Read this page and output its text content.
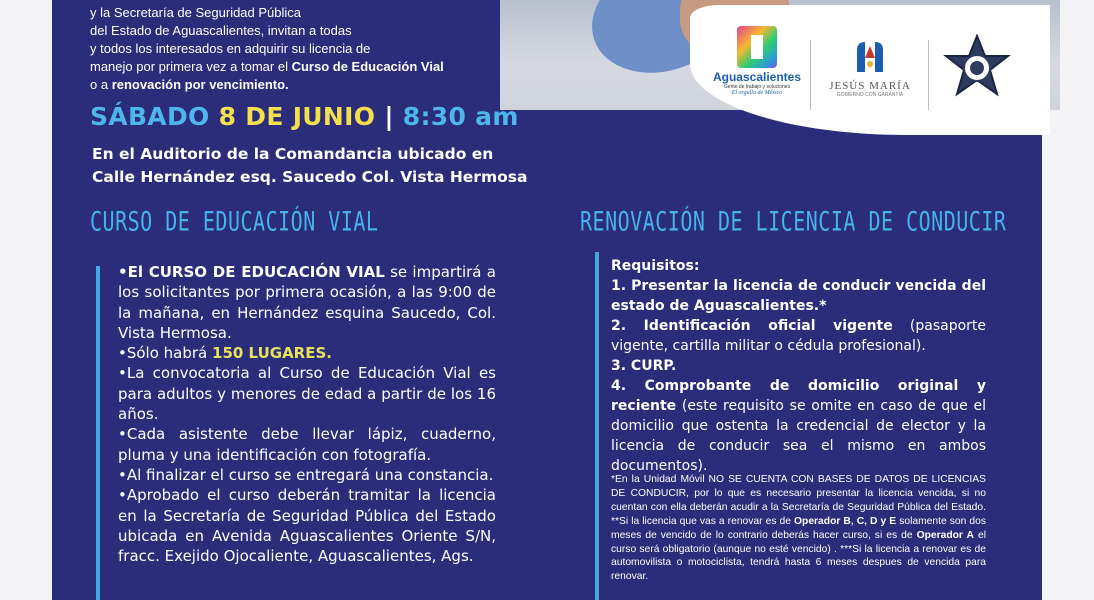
Aguascalientes
Gente de trabajo y soluciones
El orgullo de México
JESÚS MARÍA
GOBIERNO CON GARANTÍA
y la Secretaría de Seguridad Pública
del Estado de Aguascalientes, invitan a todas
y todos los interesados en adquirir su licencia de
manejo por primera vez a tomar el Curso de Educación Vial
o a renovación por vencimiento.
SÁBADO 8 DE JUNIO | 8:30 am
En el Auditorio de la Comandancia ubicado en
Calle Hernández esq. Saucedo Col. Vista Hermosa
CURSO DE EDUCACIÓN VIAL	RENOVACIÓN DE LICENCIA DE CONDUCIR

•El CURSO DE EDUCACIÓN VIAL se impartirá a los solicitantes por primera ocasión, a las 9:00 de la mañana, en Hernández esquina Saucedo, Col. Vista Hermosa.

•Sólo habrá 150 LUGARES.

•La convocatoria al Curso de Educación Vial es para adultos y menores de edad a partir de los 16 años.

•Cada asistente debe llevar lápiz, cuaderno, pluma y una identificación con fotografía.

•Al finalizar el curso se entregará una constancia.

•Aprobado el curso deberán tramitar la licencia en la Secretaría de Seguridad Pública del Estado ubicada en Avenida Aguascalientes Oriente S/N, fracc. Exejido Ojocaliente, Aguascalientes, Ags.

Requisitos:

1. Presentar la licencia de conducir vencida del estado de Aguascalientes.*

2. Identificación oficial vigente (pasaporte vigente, cartilla militar o cédula profesional).

3. CURP.

4. Comprobante de domicilio original y reciente (este requisito se omite en caso de que el domicilio que ostenta la credencial de elector y la licencia de conducir sea el mismo en ambos documentos).

*En la Unidad Móvil NO SE CUENTA CON BASES DE DATOS DE LICENCIAS DE CONDUCIR, por lo que es necesario presentar la licencia vencida, si no cuentan con ella deberán acudir a la Secretaría de Seguridad Pública del Estado. **Si la licencia que vas a renovar es de Operador B, C, D y E solamente son dos meses de vencido de lo contrario deberás hacer curso, si es de Operador A el curso será obligatorio (aunque no esté vencido) . ***Si la licencia a renovar es de automovilista o motociclista, tendrá hasta 6 meses despues de vencida para renovar.
